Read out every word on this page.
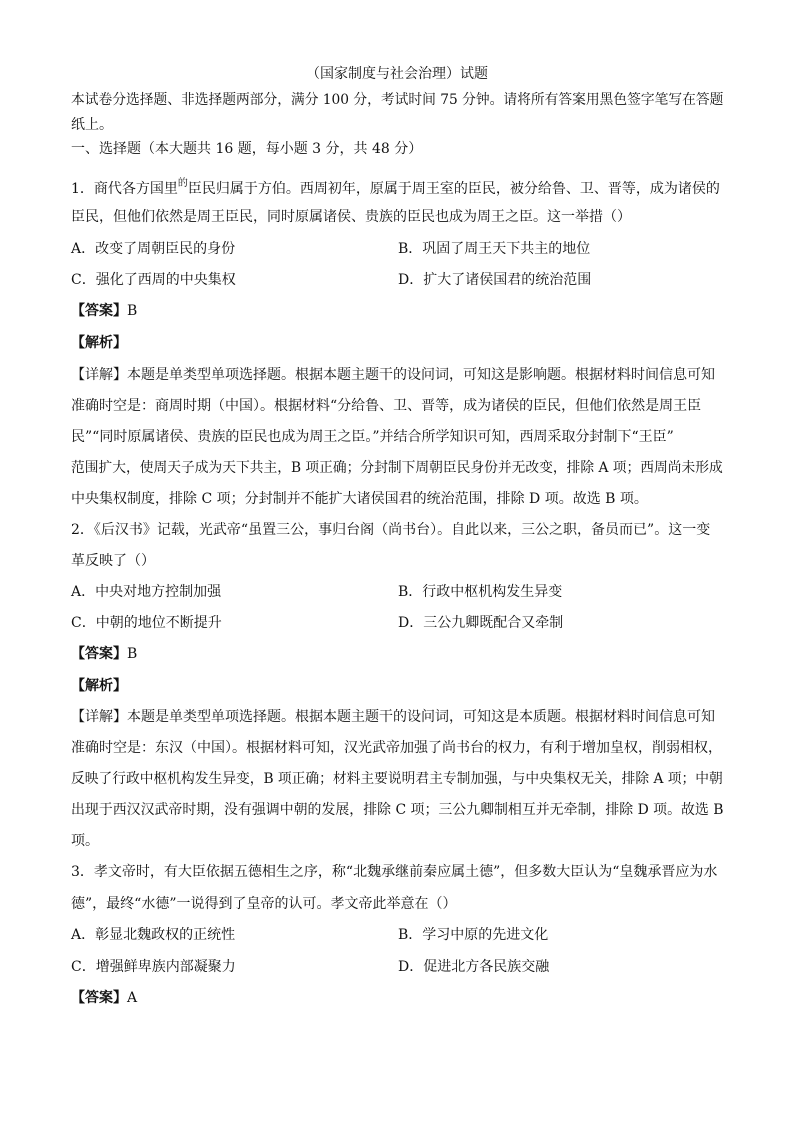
（国家制度与社会治理）试题
本试卷分选择题、非选择题两部分，满分 100 分，考试时间 75 分钟。请将所有答案用黑色签字笔写在答题
纸上。
一、选择题（本大题共 16 题，每小题 3 分，共 48 分）
1．商代各方国里$^的$臣民归属于方伯。西周初年，原属于周王室的臣民，被分给鲁、卫、晋等，成为诸侯的
臣民，但他们依然是周王臣民，同时原属诸侯、贵族的臣民也成为周王之臣。这一举措（）
A．改变了周朝臣民的身份	B．巩固了周王天下共主的地位
C．强化了西周的中央集权	D．扩大了诸侯国君的统治范围
【答案】B
【解析】
【详解】本题是单类型单项选择题。根据本题主题干的设问词，可知这是影响题。根据材料时间信息可知
准确时空是：商周时期（中国）。根据材料“分给鲁、卫、晋等，成为诸侯的臣民，但他们依然是周王臣
民”“同时原属诸侯、贵族的臣民也成为周王之臣。”并结合所学知识可知，西周采取分封制下“王臣”
范围扩大，使周天子成为天下共主，B 项正确；分封制下周朝臣民身份并无改变，排除 A 项；西周尚未形成
中央集权制度，排除 C 项；分封制并不能扩大诸侯国君的统治范围，排除 D 项。故选 B 项。
2．《后汉书》记载，光武帝“虽置三公，事归台阁（尚书台）。自此以来，三公之职，备员而已”。这一变
革反映了（）
A．中央对地方控制加强	B．行政中枢机构发生异变
C．中朝的地位不断提升	D．三公九卿既配合又牵制
【答案】B
【解析】
【详解】本题是单类型单项选择题。根据本题主题干的设问词，可知这是本质题。根据材料时间信息可知
准确时空是：东汉（中国）。根据材料可知，汉光武帝加强了尚书台的权力，有利于增加皇权，削弱相权，
反映了行政中枢机构发生异变，B 项正确；材料主要说明君主专制加强，与中央集权无关，排除 A 项；中朝
出现于西汉汉武帝时期，没有强调中朝的发展，排除 C 项；三公九卿制相互并无牵制，排除 D 项。故选 B
项。
3．孝文帝时，有大臣依据五德相生之序，称“北魏承继前秦应属土德”，但多数大臣认为“皇魏承晋应为水
德”，最终“水德”一说得到了皇帝的认可。孝文帝此举意在（）
A．彰显北魏政权的正统性	B．学习中原的先进文化
C．增强鲜卑族内部凝聚力	D．促进北方各民族交融
【答案】A
